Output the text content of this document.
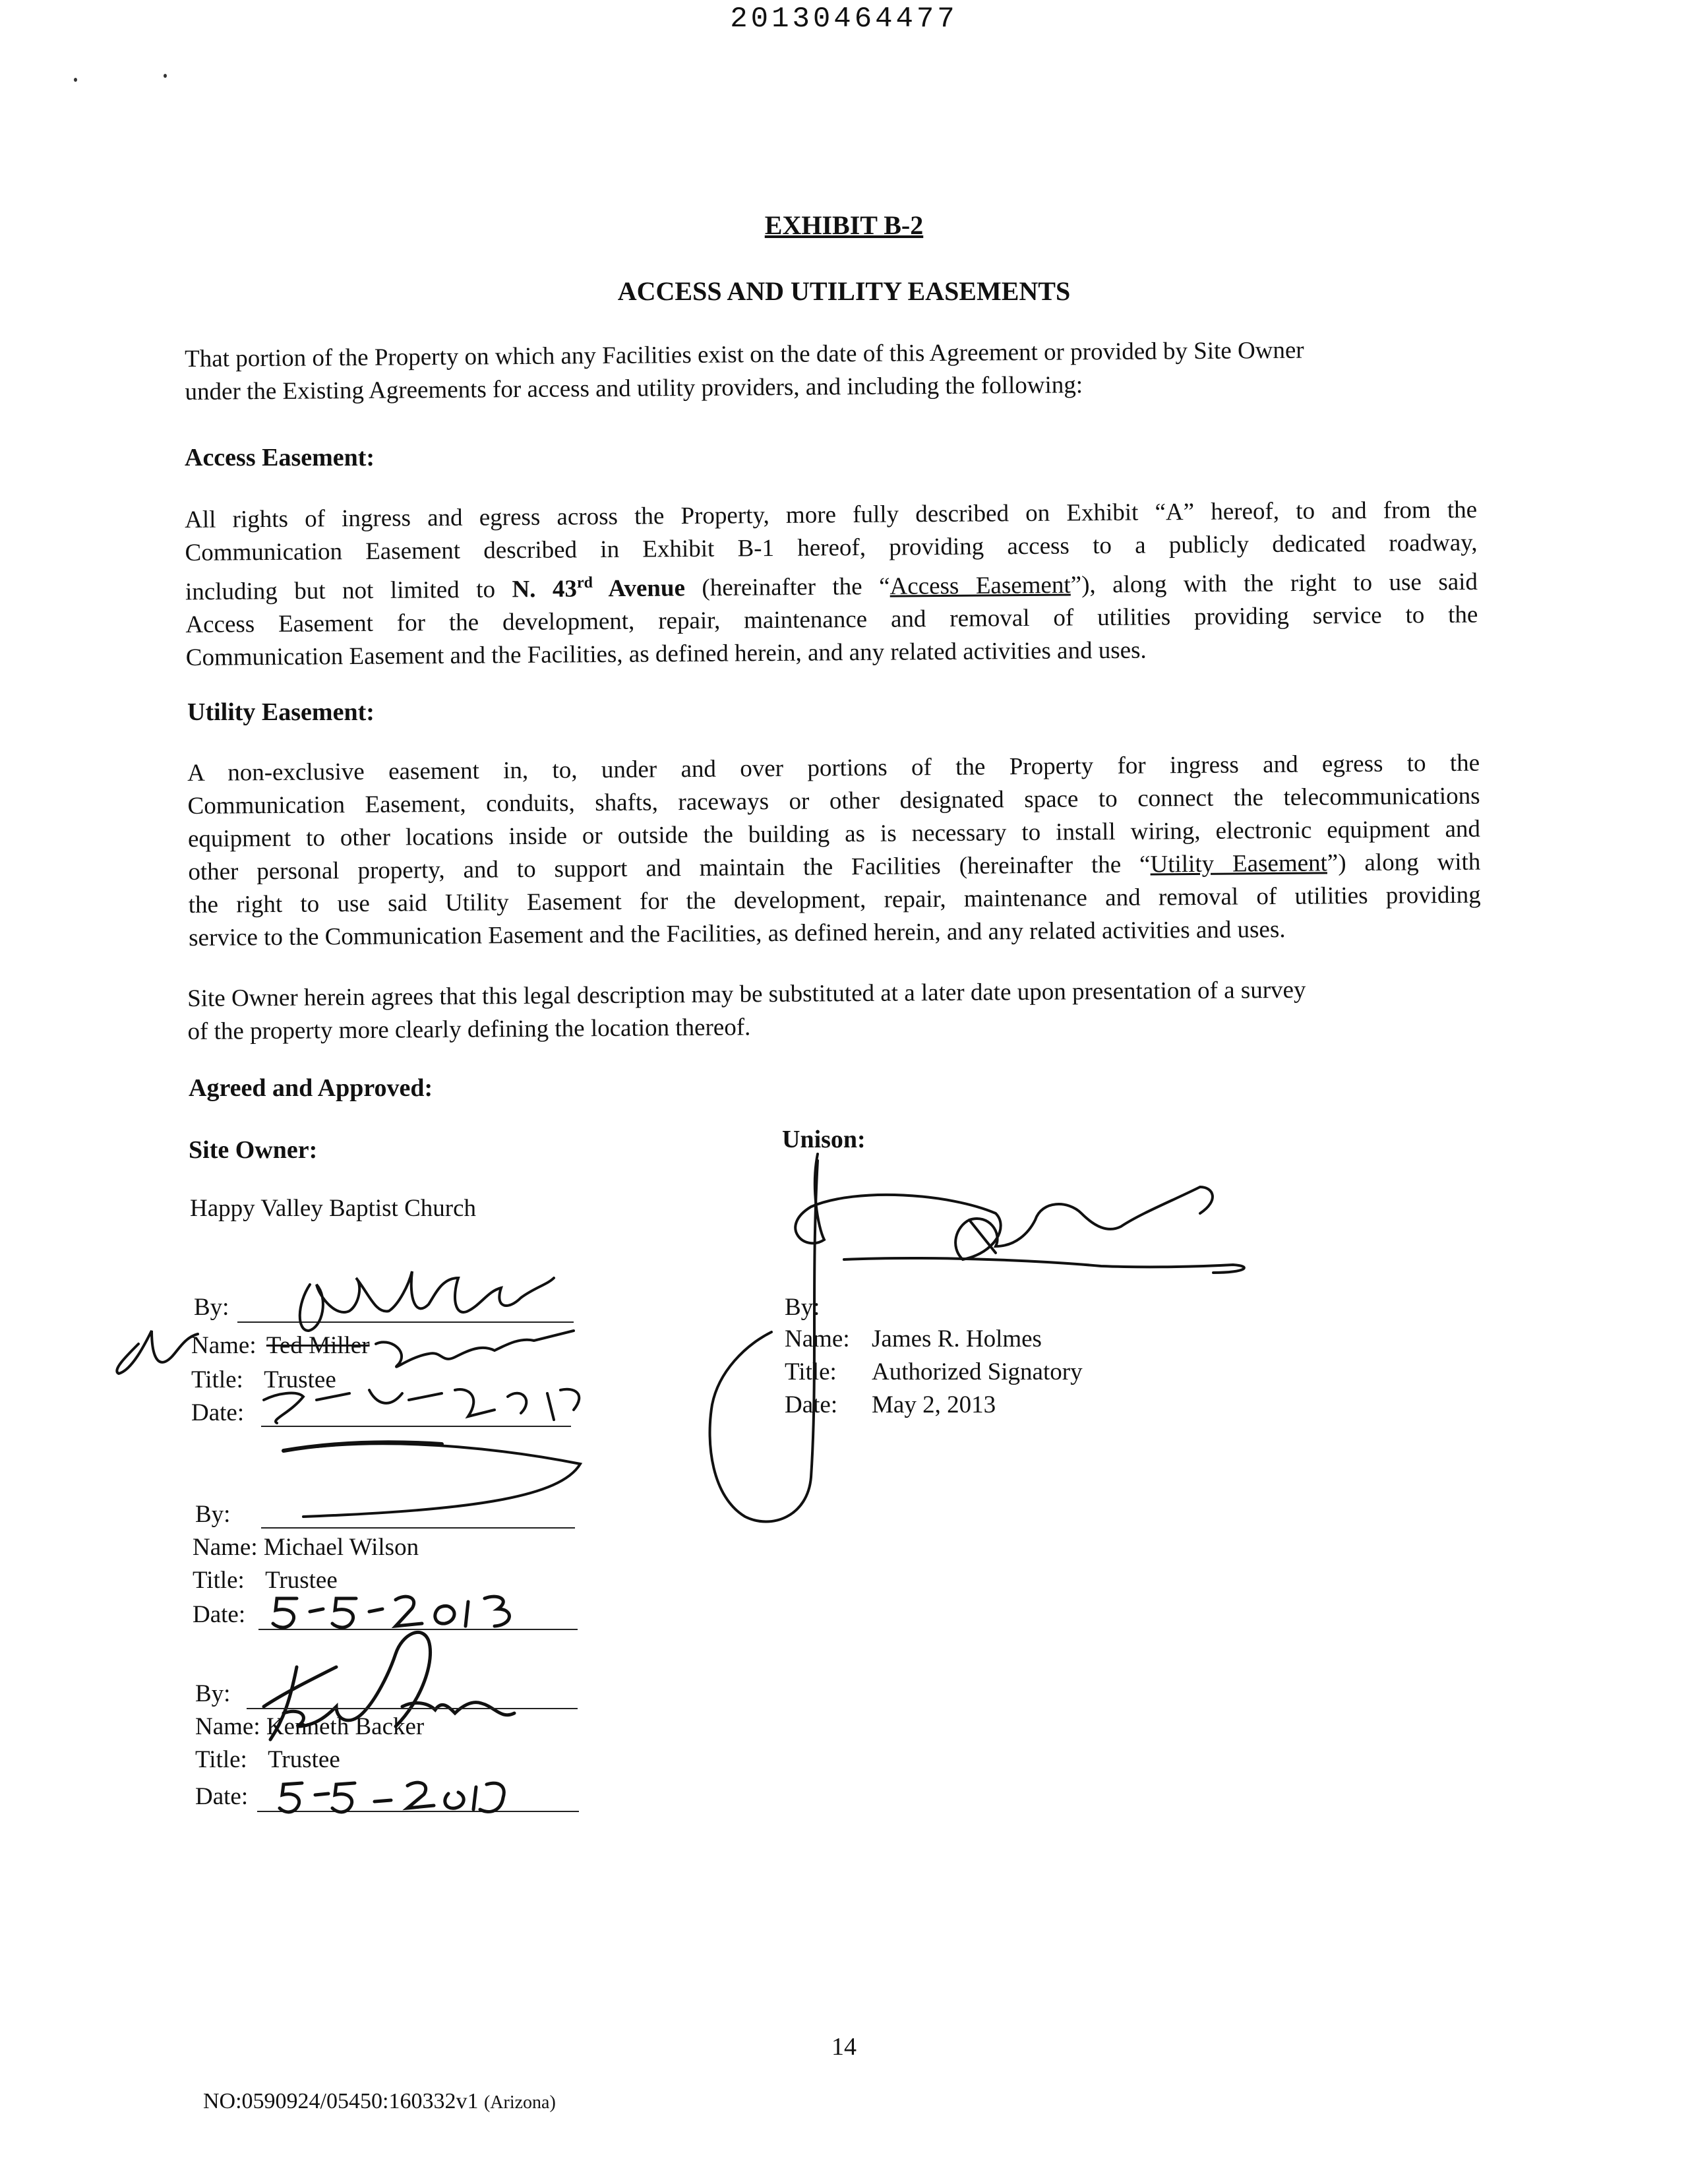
20130464477
EXHIBIT B-2
ACCESS AND UTILITY EASEMENTS
That portion of the Property on which any Facilities exist on the date of this Agreement or provided by Site Owner
under the Existing Agreements for access and utility providers, and including the following:
Access Easement:
All rights of ingress and egress across the Property, more fully described on Exhibit “A” hereof, to and from the
Communication Easement described in Exhibit B-1 hereof, providing access to a publicly dedicated roadway,
including but not limited to N. 43rd Avenue (hereinafter the “Access Easement”), along with the right to use said
Access Easement for the development, repair, maintenance and removal of utilities providing service to the
Communication Easement and the Facilities, as defined herein, and any related activities and uses.
Utility Easement:
A non-exclusive easement in, to, under and over portions of the Property for ingress and egress to the
Communication Easement, conduits, shafts, raceways or other designated space to connect the telecommunications
equipment to other locations inside or outside the building as is necessary to install wiring, electronic equipment and
other personal property, and to support and maintain the Facilities (hereinafter the “Utility Easement”) along with
the right to use said Utility Easement for the development, repair, maintenance and removal of utilities providing
service to the Communication Easement and the Facilities, as defined herein, and any related activities and uses.
Site Owner herein agrees that this legal description may be substituted at a later date upon presentation of a survey
of the property more clearly defining the location thereof.
Agreed and Approved:
Site Owner:	Unison:
Happy Valley Baptist Church
By:
Name: Ted Miller
Title: Trustee
Date:
By:
Name: Michael Wilson
Title: Trustee
Date:
By:
Name: Kenneth Backer
Title: Trustee
Date:
By:
Name: James R. Holmes
Title: Authorized Signatory
Date: May 2, 2013
14
NO:0590924/05450:160332v1 (Arizona)
